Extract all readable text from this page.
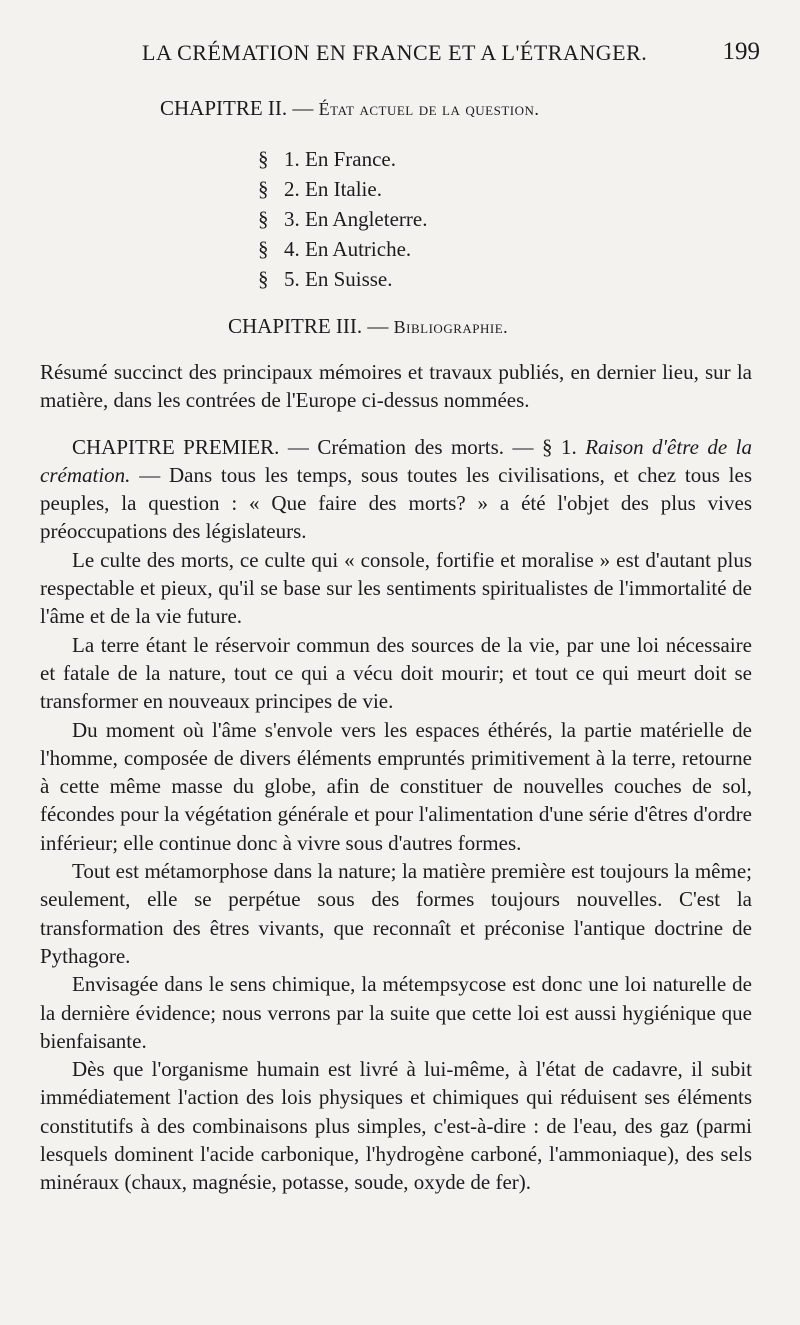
LA CRÉMATION EN FRANCE ET A L'ÉTRANGER.	199
CHAPITRE II. — État actuel de la question.
§ 1. En France.
§ 2. En Italie.
§ 3. En Angleterre.
§ 4. En Autriche.
§ 5. En Suisse.
CHAPITRE III. — Bibliographie.

Résumé succinct des principaux mémoires et travaux publiés, en dernier lieu, sur la matière, dans les contrées de l'Europe ci-dessus nommées.

CHAPITRE PREMIER. — Crémation des morts. — § 1. Raison d'être de la crémation. — Dans tous les temps, sous toutes les civilisations, et chez tous les peuples, la question : « Que faire des morts? » a été l'objet des plus vives préoccupations des législateurs.

Le culte des morts, ce culte qui « console, fortifie et moralise » est d'autant plus respectable et pieux, qu'il se base sur les sentiments spiritualistes de l'immortalité de l'âme et de la vie future.

La terre étant le réservoir commun des sources de la vie, par une loi nécessaire et fatale de la nature, tout ce qui a vécu doit mourir; et tout ce qui meurt doit se transformer en nouveaux principes de vie.

Du moment où l'âme s'envole vers les espaces éthérés, la partie matérielle de l'homme, composée de divers éléments empruntés primitivement à la terre, retourne à cette même masse du globe, afin de constituer de nouvelles couches de sol, fécondes pour la végétation générale et pour l'alimentation d'une série d'êtres d'ordre inférieur; elle continue donc à vivre sous d'autres formes.

Tout est métamorphose dans la nature; la matière première est toujours la même; seulement, elle se perpétue sous des formes toujours nouvelles. C'est la transformation des êtres vivants, que reconnaît et préconise l'antique doctrine de Pythagore.

Envisagée dans le sens chimique, la métempsycose est donc une loi naturelle de la dernière évidence; nous verrons par la suite que cette loi est aussi hygiénique que bienfaisante.

Dès que l'organisme humain est livré à lui-même, à l'état de cadavre, il subit immédiatement l'action des lois physiques et chimiques qui réduisent ses éléments constitutifs à des combinaisons plus simples, c'est-à-dire : de l'eau, des gaz (parmi lesquels dominent l'acide carbonique, l'hydrogène carboné, l'ammoniaque), des sels minéraux (chaux, magnésie, potasse, soude, oxyde de fer).
